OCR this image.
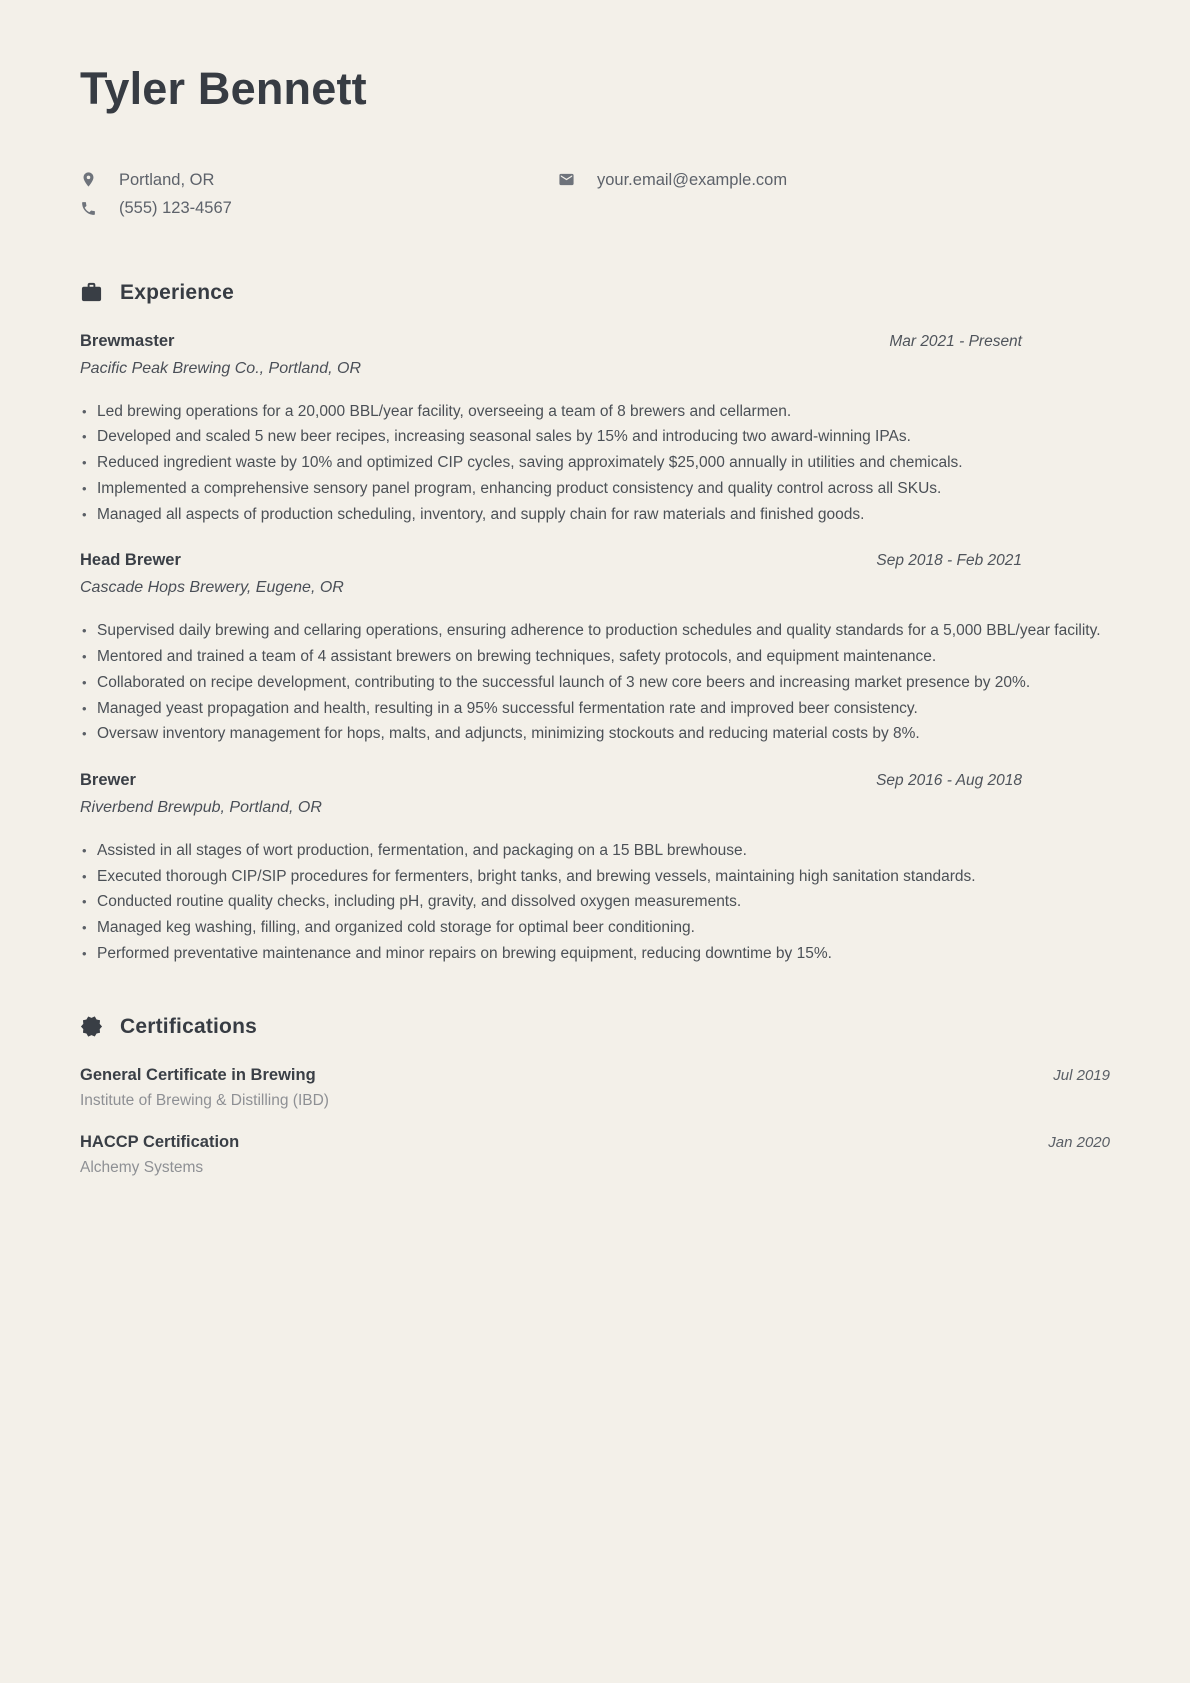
Tyler Bennett
Portland, OR
(555) 123-4567
your.email@example.com
Experience
Brewmaster	Mar 2021 - Present

Pacific Peak Brewing Co., Portland, OR

• Led brewing operations for a 20,000 BBL/year facility, overseeing a team of 8 brewers and cellarmen.
• Developed and scaled 5 new beer recipes, increasing seasonal sales by 15% and introducing two award-winning IPAs.
• Reduced ingredient waste by 10% and optimized CIP cycles, saving approximately $25,000 annually in utilities and chemicals.
• Implemented a comprehensive sensory panel program, enhancing product consistency and quality control across all SKUs.
• Managed all aspects of production scheduling, inventory, and supply chain for raw materials and finished goods.
Head Brewer	Sep 2018 - Feb 2021

Cascade Hops Brewery, Eugene, OR

• Supervised daily brewing and cellaring operations, ensuring adherence to production schedules and quality standards for a 5,000 BBL/year facility.
• Mentored and trained a team of 4 assistant brewers on brewing techniques, safety protocols, and equipment maintenance.
• Collaborated on recipe development, contributing to the successful launch of 3 new core beers and increasing market presence by 20%.
• Managed yeast propagation and health, resulting in a 95% successful fermentation rate and improved beer consistency.
• Oversaw inventory management for hops, malts, and adjuncts, minimizing stockouts and reducing material costs by 8%.
Brewer	Sep 2016 - Aug 2018

Riverbend Brewpub, Portland, OR

• Assisted in all stages of wort production, fermentation, and packaging on a 15 BBL brewhouse.
• Executed thorough CIP/SIP procedures for fermenters, bright tanks, and brewing vessels, maintaining high sanitation standards.
• Conducted routine quality checks, including pH, gravity, and dissolved oxygen measurements.
• Managed keg washing, filling, and organized cold storage for optimal beer conditioning.
• Performed preventative maintenance and minor repairs on brewing equipment, reducing downtime by 15%.
Certifications
General Certificate in Brewing	Jul 2019

Institute of Brewing & Distilling (IBD)

HACCP Certification	Jan 2020

Alchemy Systems
